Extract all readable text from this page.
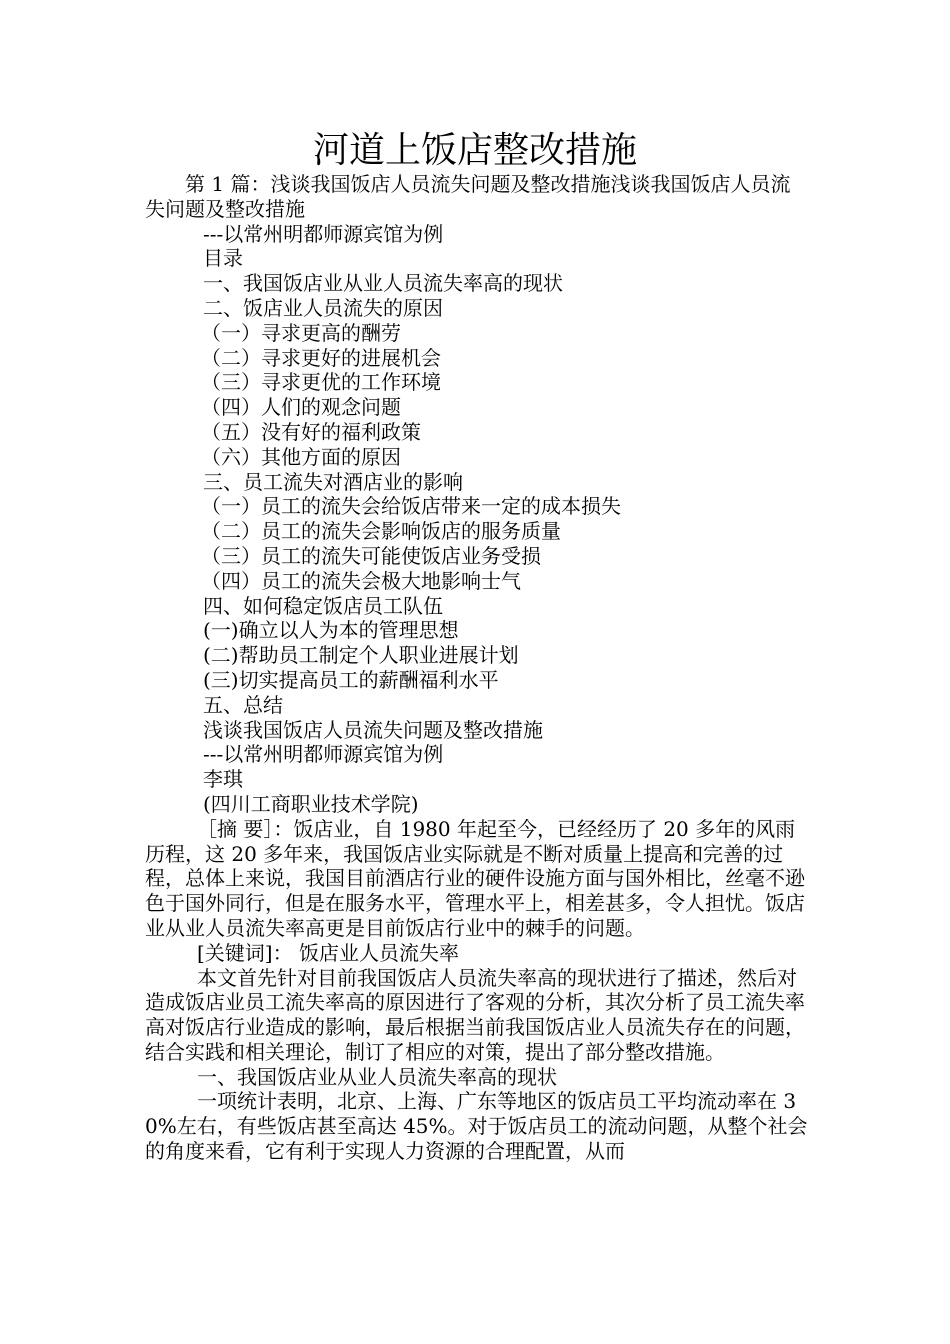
河道上饭店整改措施

第 1 篇：浅谈我国饭店人员流失问题及整改措施浅谈我国饭店人员流失问题及整改措施

---以常州明都师源宾馆为例

目录

一、我国饭店业从业人员流失率高的现状

二、饭店业人员流失的原因

（一）寻求更高的酬劳

（二）寻求更好的进展机会

（三）寻求更优的工作环境

（四）人们的观念问题

（五）没有好的福利政策

（六）其他方面的原因

三、员工流失对酒店业的影响

（一）员工的流失会给饭店带来一定的成本损失

（二）员工的流失会影响饭店的服务质量

（三）员工的流失可能使饭店业务受损

（四）员工的流失会极大地影响士气

四、如何稳定饭店员工队伍

(一)确立以人为本的管理思想

(二)帮助员工制定个人职业进展计划

(三)切实提高员工的薪酬福利水平

五、总结

浅谈我国饭店人员流失问题及整改措施

---以常州明都师源宾馆为例

李琪

(四川工商职业技术学院)

［摘 要］：饭店业，自 1980 年起至今，已经经历了 20 多年的风雨历程，这 20 多年来，我国饭店业实际就是不断对质量上提高和完善的过程，总体上来说，我国目前酒店行业的硬件设施方面与国外相比，丝毫不逊色于国外同行，但是在服务水平，管理水平上，相差甚多，令人担忧。饭店业从业人员流失率高更是目前饭店行业中的棘手的问题。

[关键词]： 饭店业人员流失率

本文首先针对目前我国饭店人员流失率高的现状进行了描述，然后对造成饭店业员工流失率高的原因进行了客观的分析，其次分析了员工流失率高对饭店行业造成的影响，最后根据当前我国饭店业人员流失存在的问题，结合实践和相关理论，制订了相应的对策，提出了部分整改措施。

一、我国饭店业从业人员流失率高的现状

一项统计表明，北京、上海、广东等地区的饭店员工平均流动率在 30%左右，有些饭店甚至高达 45%。对于饭店员工的流动问题，从整个社会的角度来看，它有利于实现人力资源的合理配置，从而
